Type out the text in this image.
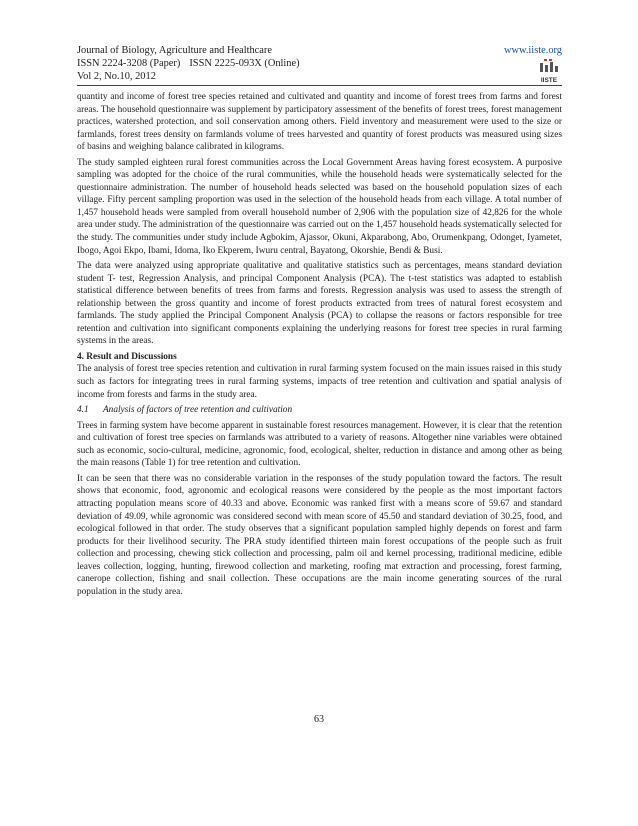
Journal of Biology, Agriculture and Healthcare
ISSN 2224-3208 (Paper) ISSN 2225-093X (Online)
Vol 2, No.10, 2012
www.iiste.org
IISTE

quantity and income of forest tree species retained and cultivated and quantity and income of forest trees from farms and forest areas. The household questionnaire was supplement by participatory assessment of the benefits of forest trees, forest management practices, watershed protection, and soil conservation among others. Field inventory and measurement were used to the size or farmlands, forest trees density on farmlands volume of trees harvested and quantity of forest products was measured using sizes of basins and weighing balance calibrated in kilograms.

The study sampled eighteen rural forest communities across the Local Government Areas having forest ecosystem. A purposive sampling was adopted for the choice of the rural communities, while the household heads were systematically selected for the questionnaire administration. The number of household heads selected was based on the household population sizes of each village. Fifty percent sampling proportion was used in the selection of the household heads from each village. A total number of 1,457 household heads were sampled from overall household number of 2,906 with the population size of 42,826 for the whole area under study. The administration of the questionnaire was carried out on the 1,457 household heads systematically selected for the study. The communities under study include Agbokim, Ajassor, Okuni, Akparabong, Abo, Orumenkpang, Odonget, Iyametet, Ibogo, Agoi Ekpo, Ibami, Idoma, Iko Ekperem, Iwuru central, Bayatong, Okorshie, Bendi & Busi.

The data were analyzed using appropriate qualitative and qualitative statistics such as percentages, means standard deviation student T- test, Regression Analysis, and principal Component Analysis (PCA). The t-test statistics was adapted to establish statistical difference between benefits of trees from farms and forests. Regression analysis was used to assess the strength of relationship between the gross quantity and income of forest products extracted from trees of natural forest ecosystem and farmlands. The study applied the Principal Component Analysis (PCA) to collapse the reasons or factors responsible for tree retention and cultivation into significant components explaining the underlying reasons for forest tree species in rural farming systems in the areas.

4. Result and Discussions

The analysis of forest tree species retention and cultivation in rural farming system focused on the main issues raised in this study such as factors for integrating trees in rural farming systems, impacts of tree retention and cultivation and spatial analysis of income from forests and farms in the study area.

4.1 Analysis of factors of tree retention and cultivation

Trees in farming system have become apparent in sustainable forest resources management. However, it is clear that the retention and cultivation of forest tree species on farmlands was attributed to a variety of reasons. Altogether nine variables were obtained such as economic, socio-cultural, medicine, agronomic, food, ecological, shelter, reduction in distance and among other as being the main reasons (Table 1) for tree retention and cultivation.

It can be seen that there was no considerable variation in the responses of the study population toward the factors. The result shows that economic, food, agronomic and ecological reasons were considered by the people as the most important factors attracting population means score of 40.33 and above. Economic was ranked first with a means score of 59.67 and standard deviation of 49.09, while agronomic was considered second with mean score of 45.50 and standard deviation of 30.25, food, and ecological followed in that order. The study observes that a significant population sampled highly depends on forest and farm products for their livelihood security. The PRA study identified thirteen main forest occupations of the people such as fruit collection and processing, chewing stick collection and processing, palm oil and kernel processing, traditional medicine, edible leaves collection, logging, hunting, firewood collection and marketing, roofing mat extraction and processing, forest farming, canerope collection, fishing and snail collection. These occupations are the main income generating sources of the rural population in the study area.

63
